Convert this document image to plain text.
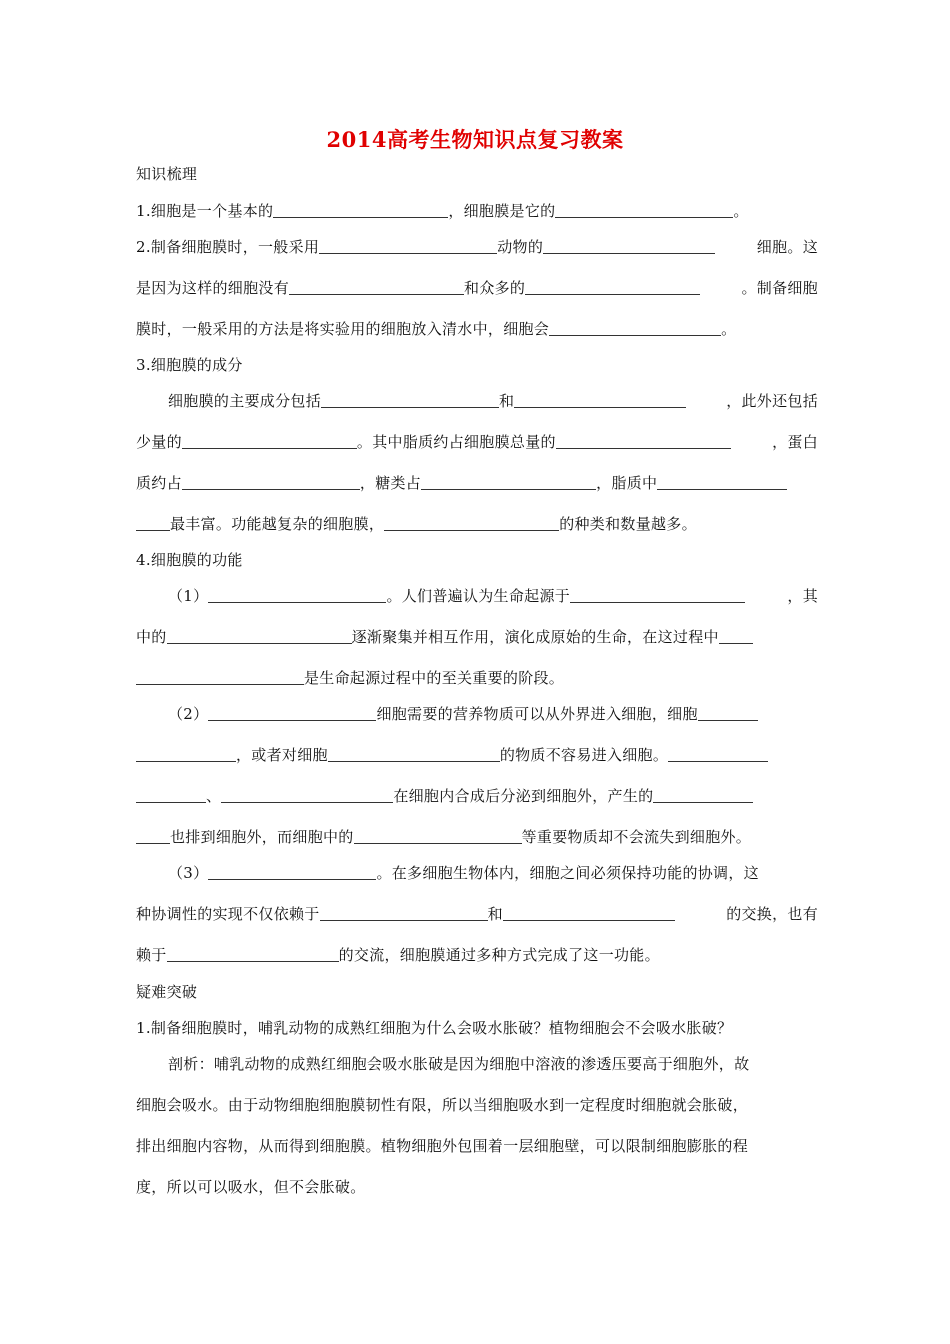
2014高考生物知识点复习教案
知识梳理
1.细胞是一个基本的	，细胞膜是它的	。
2.制备细胞膜时，一般采用	动物的	细胞。这
是因为这样的细胞没有	和众多的	。制备细胞
膜时，一般采用的方法是将实验用的细胞放入清水中，细胞会	。
3.细胞膜的成分
细胞膜的主要成分包括	和	，此外还包括
少量的	。其中脂质约占细胞膜总量的	，蛋白
质约占	，糖类占	，脂质中
最丰富。功能越复杂的细胞膜，	的种类和数量越多。
4.细胞膜的功能
（1）	。人们普遍认为生命起源于	，其
中的	逐渐聚集并相互作用，演化成原始的生命，在这过程中
是生命起源过程中的至关重要的阶段。
（2）	细胞需要的营养物质可以从外界进入细胞，细胞
，或者对细胞	的物质不容易进入细胞。
、	在细胞内合成后分泌到细胞外，产生的
也排到细胞外，而细胞中的	等重要物质却不会流失到细胞外。
（3）	。在多细胞生物体内，细胞之间必须保持功能的协调，这
种协调性的实现不仅依赖于	和	的交换，也有
赖于	的交流，细胞膜通过多种方式完成了这一功能。
疑难突破
1.制备细胞膜时，哺乳动物的成熟红细胞为什么会吸水胀破？植物细胞会不会吸水胀破？
剖析：哺乳动物的成熟红细胞会吸水胀破是因为细胞中溶液的渗透压要高于细胞外，故
细胞会吸水。由于动物细胞细胞膜韧性有限，所以当细胞吸水到一定程度时细胞就会胀破，
排出细胞内容物，从而得到细胞膜。植物细胞外包围着一层细胞壁，可以限制细胞膨胀的程
度，所以可以吸水，但不会胀破。
